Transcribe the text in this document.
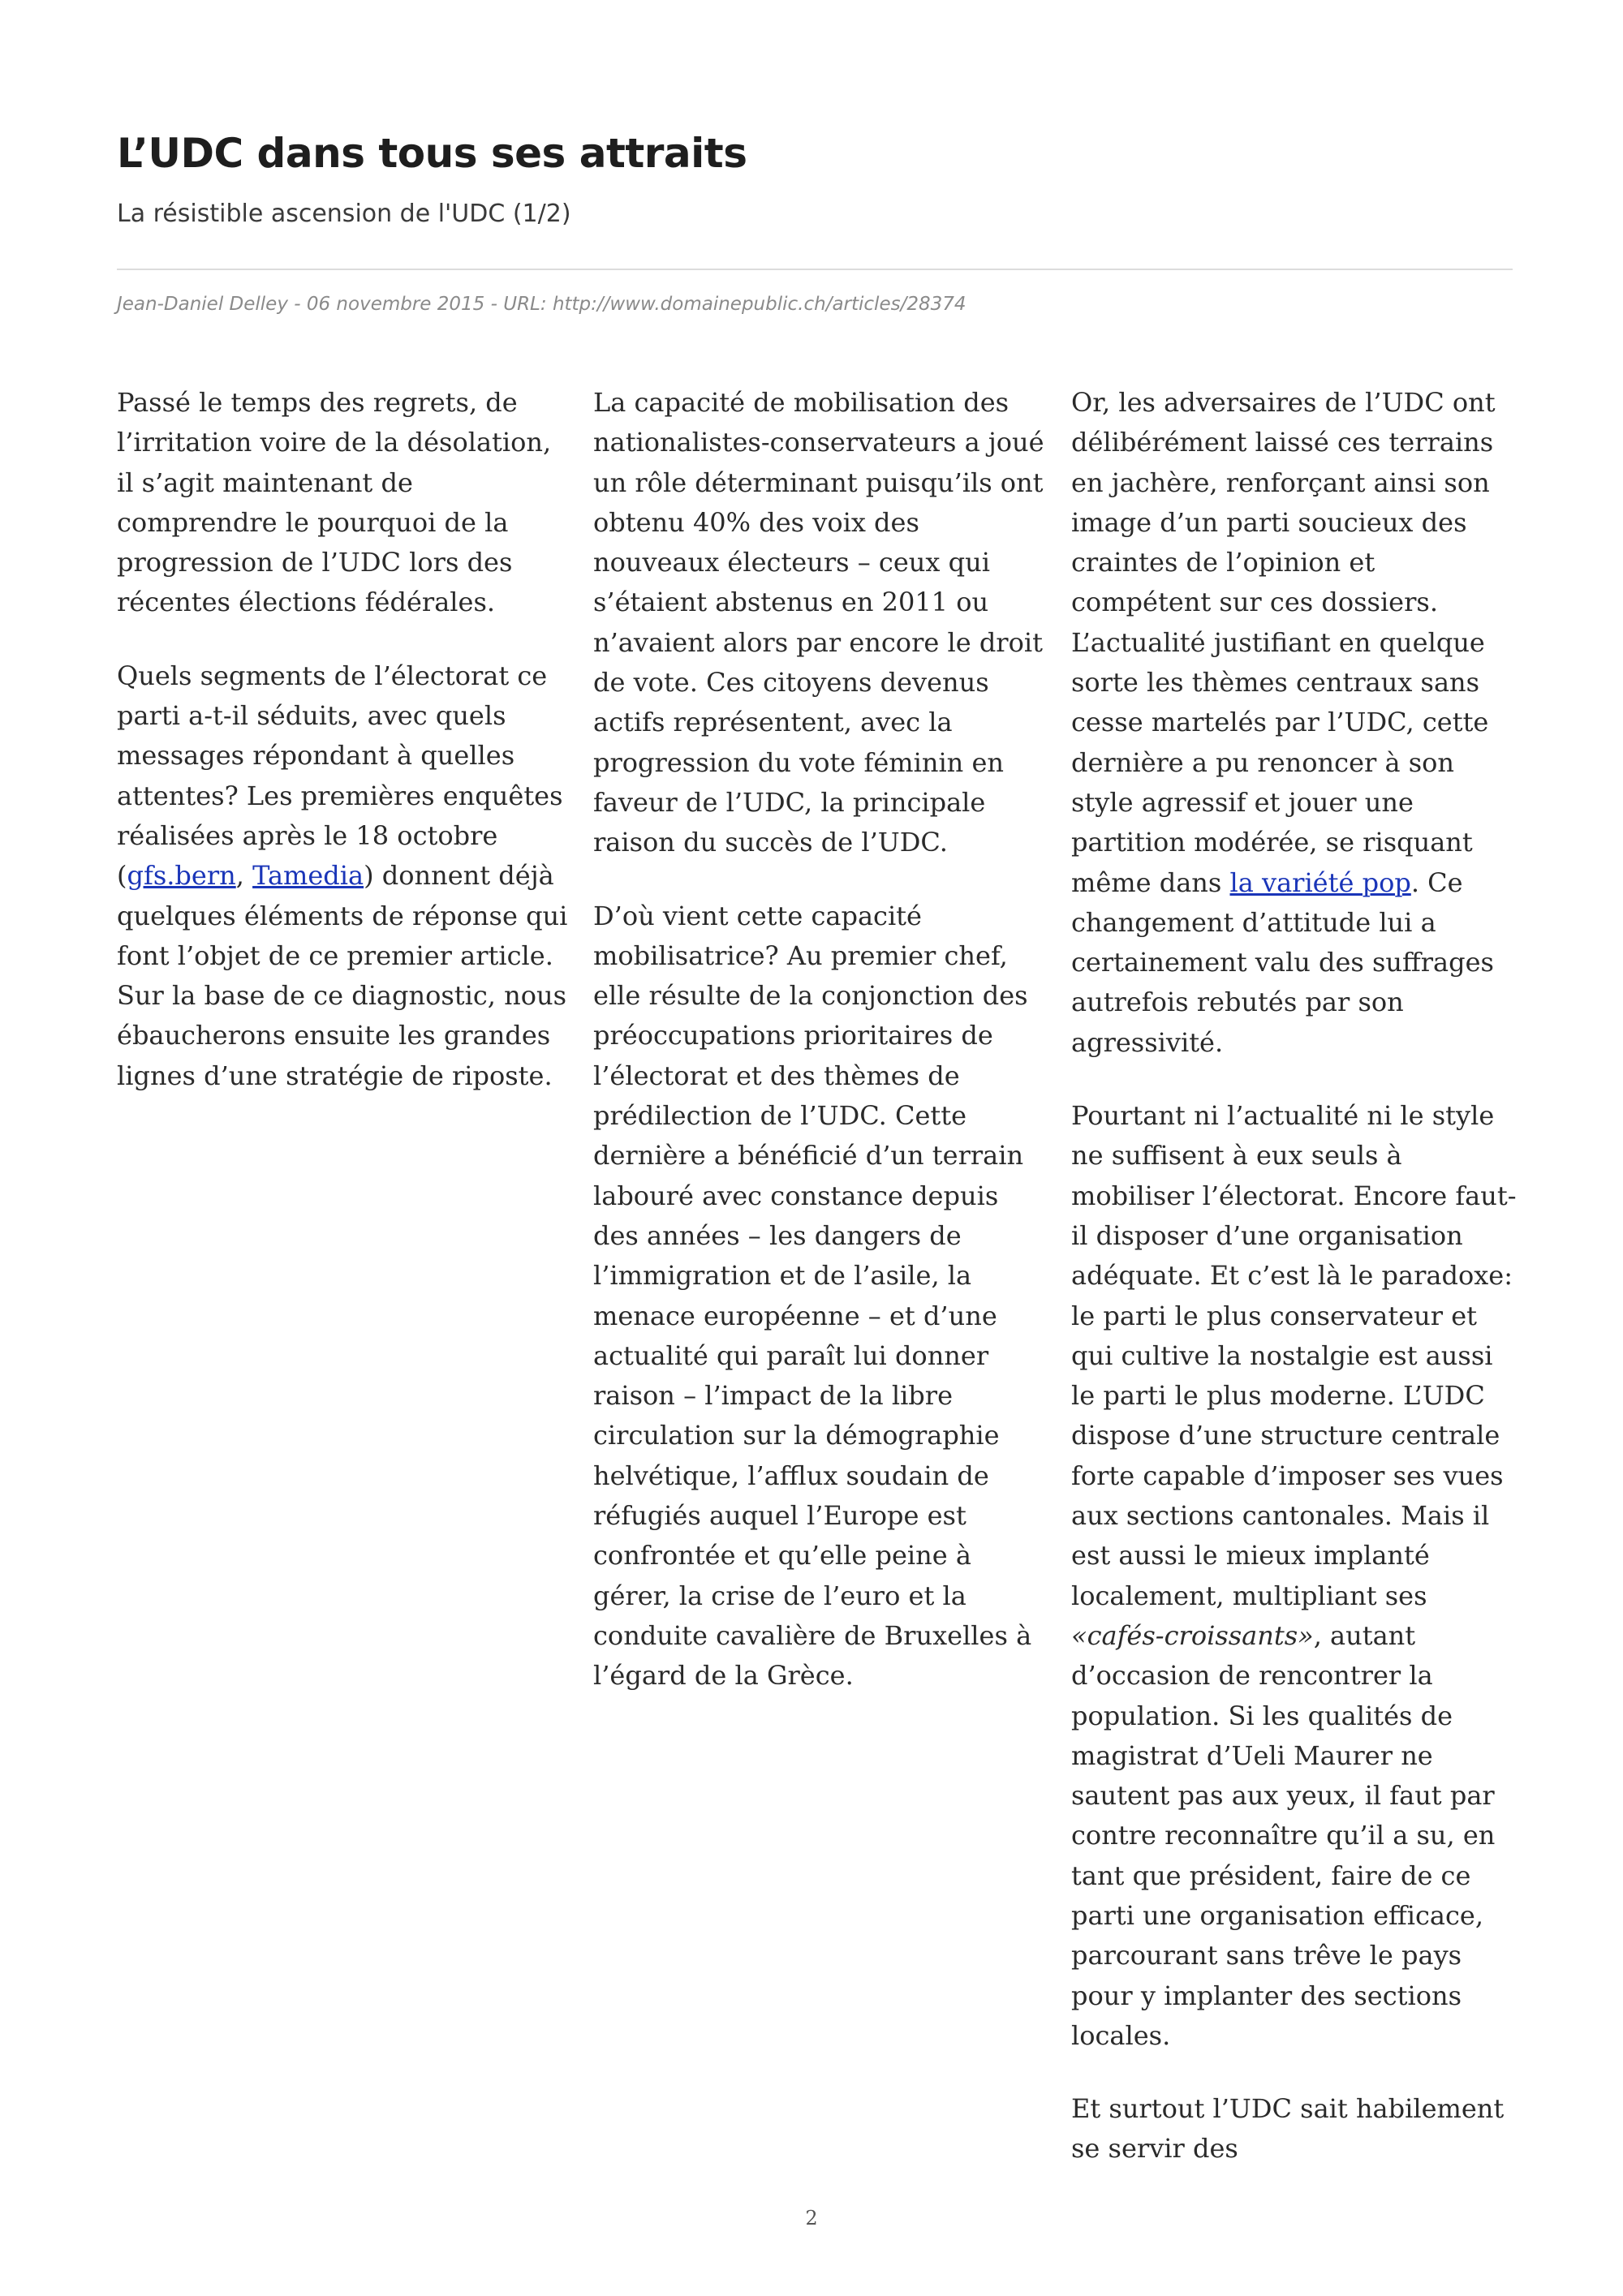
L’UDC dans tous ses attraits

La résistible ascension de l'UDC (1/2)

Jean-Daniel Delley - 06 novembre 2015 - URL: http://www.domainepublic.ch/articles/28374

Passé le temps des regrets, de l’irritation voire de la désolation, il s’agit maintenant de comprendre le pourquoi de la progression de l’UDC lors des récentes élections fédérales.

Quels segments de l’électorat ce parti a-t-il séduits, avec quels messages répondant à quelles attentes? Les premières enquêtes réalisées après le 18 octobre (gfs.bern, Tamedia) donnent déjà quelques éléments de réponse qui font l’objet de ce premier article. Sur la base de ce diagnostic, nous ébaucherons ensuite les grandes lignes d’une stratégie de riposte.

La capacité de mobilisation des nationalistes-conservateurs a joué un rôle déterminant puisqu’ils ont obtenu 40% des voix des nouveaux électeurs – ceux qui s’étaient abstenus en 2011 ou n’avaient alors par encore le droit de vote. Ces citoyens devenus actifs représentent, avec la progression du vote féminin en faveur de l’UDC, la principale raison du succès de l’UDC.

D’où vient cette capacité mobilisatrice? Au premier chef, elle résulte de la conjonction des préoccupations prioritaires de l’électorat et des thèmes de prédilection de l’UDC. Cette dernière a bénéficié d’un terrain labouré avec constance depuis des années – les dangers de l’immigration et de l’asile, la menace européenne – et d’une actualité qui paraît lui donner raison – l’impact de la libre circulation sur la démographie helvétique, l’afflux soudain de réfugiés auquel l’Europe est confrontée et qu’elle peine à gérer, la crise de l’euro et la conduite cavalière de Bruxelles à l’égard de la Grèce.

Or, les adversaires de l’UDC ont délibérément laissé ces terrains en jachère, renforçant ainsi son image d’un parti soucieux des craintes de l’opinion et compétent sur ces dossiers. L’actualité justifiant en quelque sorte les thèmes centraux sans cesse martelés par l’UDC, cette dernière a pu renoncer à son style agressif et jouer une partition modérée, se risquant même dans la variété pop. Ce changement d’attitude lui a certainement valu des suffrages autrefois rebutés par son agressivité.

Pourtant ni l’actualité ni le style ne suffisent à eux seuls à mobiliser l’électorat. Encore faut-il disposer d’une organisation adéquate. Et c’est là le paradoxe: le parti le plus conservateur et qui cultive la nostalgie est aussi le parti le plus moderne. L’UDC dispose d’une structure centrale forte capable d’imposer ses vues aux sections cantonales. Mais il est aussi le mieux implanté localement, multipliant ses «cafés-croissants», autant d’occasion de rencontrer la population. Si les qualités de magistrat d’Ueli Maurer ne sautent pas aux yeux, il faut par contre reconnaître qu’il a su, en tant que président, faire de ce parti une organisation efficace, parcourant sans trêve le pays pour y implanter des sections locales.

Et surtout l’UDC sait habilement se servir des

2
